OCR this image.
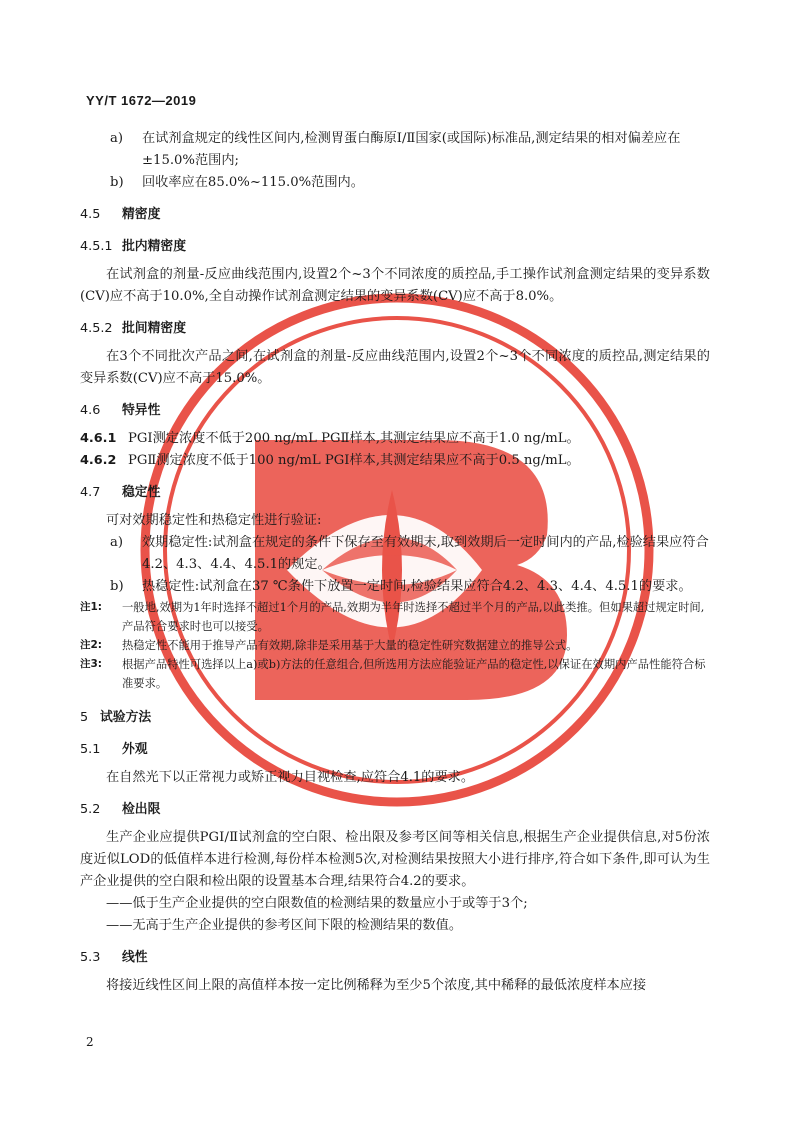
YY/T 1672—2019
a)	在试剂盒规定的线性区间内,检测胃蛋白酶原Ⅰ/Ⅱ国家(或国际)标准品,测定结果的相对偏差应在±15.0%范围内;
b)	回收率应在85.0%~115.0%范围内。
4.5 精密度
4.5.1 批内精密度
在试剂盒的剂量-反应曲线范围内,设置2个~3个不同浓度的质控品,手工操作试剂盒测定结果的变异系数(CV)应不高于10.0%,全自动操作试剂盒测定结果的变异系数(CV)应不高于8.0%。
4.5.2 批间精密度
在3个不同批次产品之间,在试剂盒的剂量-反应曲线范围内,设置2个~3个不同浓度的质控品,测定结果的变异系数(CV)应不高于15.0%。
4.6 特异性
4.6.1 PGⅠ测定浓度不低于200 ng/mL PGⅡ样本,其测定结果应不高于1.0 ng/mL。
4.6.2 PGⅡ测定浓度不低于100 ng/mL PGⅠ样本,其测定结果应不高于0.5 ng/mL。
4.7 稳定性
可对效期稳定性和热稳定性进行验证:
a)	效期稳定性:试剂盒在规定的条件下保存至有效期末,取到效期后一定时间内的产品,检验结果应符合4.2、4.3、4.4、4.5.1的规定。
b)	热稳定性:试剂盒在37 ℃条件下放置一定时间,检验结果应符合4.2、4.3、4.4、4.5.1的要求。
注1: 一般地,效期为1年时选择不超过1个月的产品,效期为半年时选择不超过半个月的产品,以此类推。但如果超过规定时间,产品符合要求时也可以接受。
注2: 热稳定性不能用于推导产品有效期,除非是采用基于大量的稳定性研究数据建立的推导公式。
注3: 根据产品特性可选择以上a)或b)方法的任意组合,但所选用方法应能验证产品的稳定性,以保证在效期内产品性能符合标准要求。
5 试验方法
5.1 外观
在自然光下以正常视力或矫正视力目视检查,应符合4.1的要求。
5.2 检出限
生产企业应提供PGⅠ/Ⅱ试剂盒的空白限、检出限及参考区间等相关信息,根据生产企业提供信息,对5份浓度近似LOD的低值样本进行检测,每份样本检测5次,对检测结果按照大小进行排序,符合如下条件,即可认为生产企业提供的空白限和检出限的设置基本合理,结果符合4.2的要求。
——低于生产企业提供的空白限数值的检测结果的数量应小于或等于3个;
——无高于生产企业提供的参考区间下限的检测结果的数值。
5.3 线性
将接近线性区间上限的高值样本按一定比例稀释为至少5个浓度,其中稀释的最低浓度样本应接
2
